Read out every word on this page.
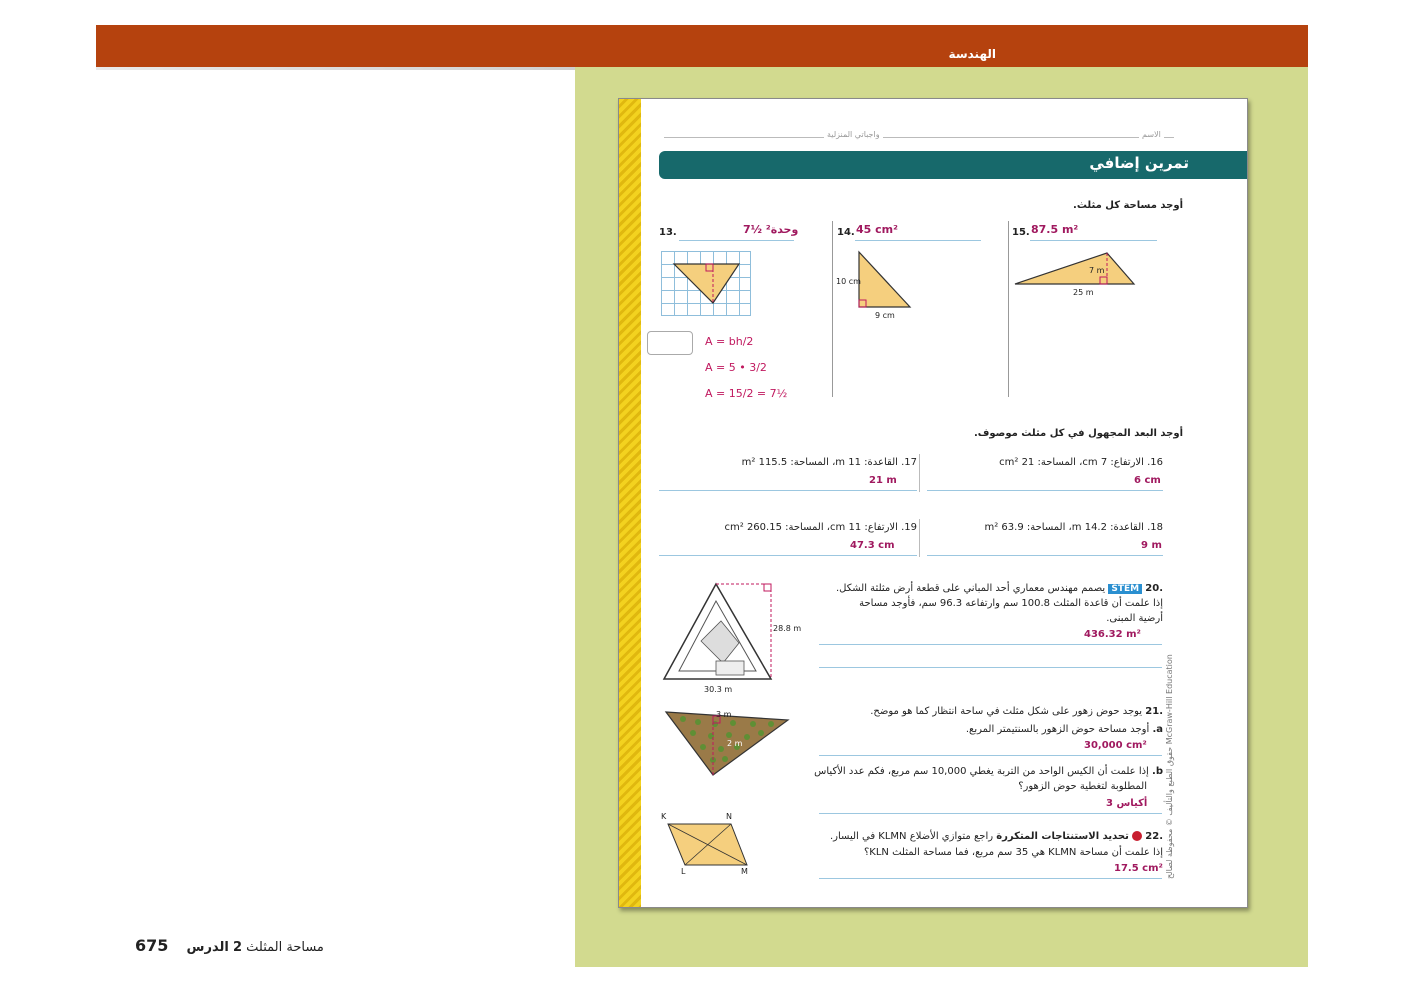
الهندسة
675	مساحة المثلث 2 الدرس
الاسم
واجباتي المنزلية
تمرين إضافي
أوجد مساحة كل مثلث.
13.	7½ وحدة²
A = bh/2
A = 5 • 3/2
A = 15/2 = 7½
14. 45 cm²
10 cm
9 cm
15. 87.5 m²
7 m
25 m
أوجد البعد المجهول في كل مثلث موصوف.
17. القاعدة: 11 m، المساحة: 115.5 m²
21 m
16. الارتفاع: 7 cm، المساحة: 21 cm²
6 cm
19. الارتفاع: 11 cm، المساحة: 260.15 cm²
47.3 cm
18. القاعدة: 14.2 m، المساحة: 63.9 m²
9 m
28.8 m
30.3 m
.20 STEM يصمم مهندس معماري أحد المباني على قطعة أرض مثلثة الشكل.
إذا علمت أن قاعدة المثلث 100.8 سم وارتفاعه 96.3 سم، فأوجد مساحة
أرضية المبنى.
436.32 m²
3 m
2 m
.21 يوجد حوض زهور على شكل مثلث في ساحة انتظار كما هو موضح.
a. أوجد مساحة حوض الزهور بالسنتيمتر المربع.
30,000 cm²
b. إذا علمت أن الكيس الواحد من التربة يغطي 10,000 سم مربع، فكم عدد الأكياس
المطلوبة لتغطية حوض الزهور؟
3 أكياس
K	N
L	M
.22  تحديد الاستنتاجات المتكررة راجع متوازي الأضلاع KLMN في اليسار.
إذا علمت أن مساحة KLMN هي 35 سم مربع، فما مساحة المثلث KLN؟
17.5 cm² حقوق الطبع والتأليف © محفوظة لصالح McGraw-Hill Education
